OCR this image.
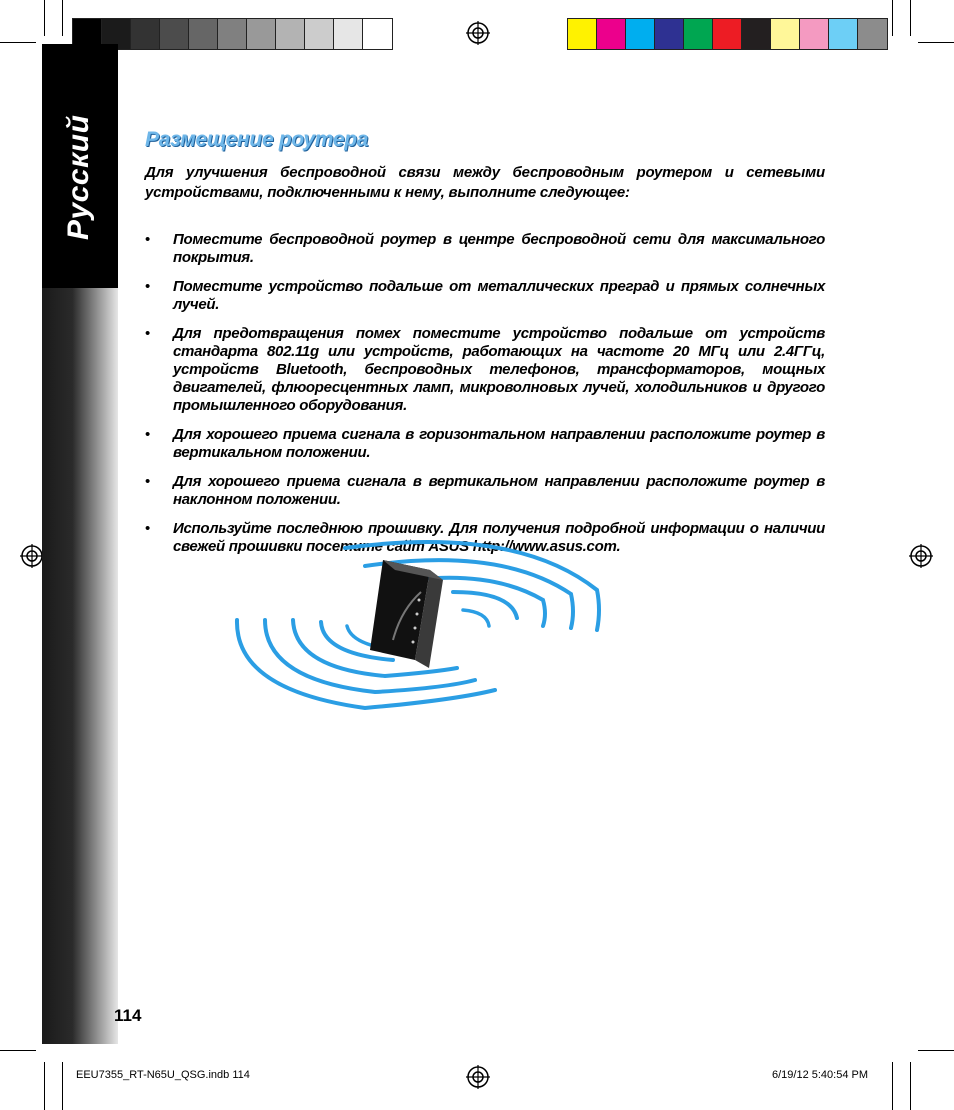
Размещение роутера

Для улучшения беспроводной связи между беспроводным роутером и сетевыми устройствами, подключенными к нему, выполните следующее:

• Поместите беспроводной роутер в центре беспроводной сети для максимального покрытия.
• Поместите устройство подальше от металлических преград и прямых солнечных лучей.
• Для предотвращения помех поместите устройство подальше от устройств стандарта 802.11g или устройств, работающих на частоте 20 МГц или 2.4ГГц, устройств Bluetooth, беспроводных телефонов, трансформаторов, мощных двигателей, флюоресцентных ламп, микроволновых лучей, холодильников и другого промышленного оборудования.
• Для хорошего приема сигнала в горизонтальном направлении расположите роутер в вертикальном положении.
• Для хорошего приема сигнала в вертикальном направлении расположите роутер в наклонном положении.
• Используйте последнюю прошивку. Для получения подробной информации о наличии свежей прошивки посетите сайт ASUS http://www.asus.com.
114
EEU7355_RT-N65U_QSG.indb 114	6/19/12 5:40:54 PM
